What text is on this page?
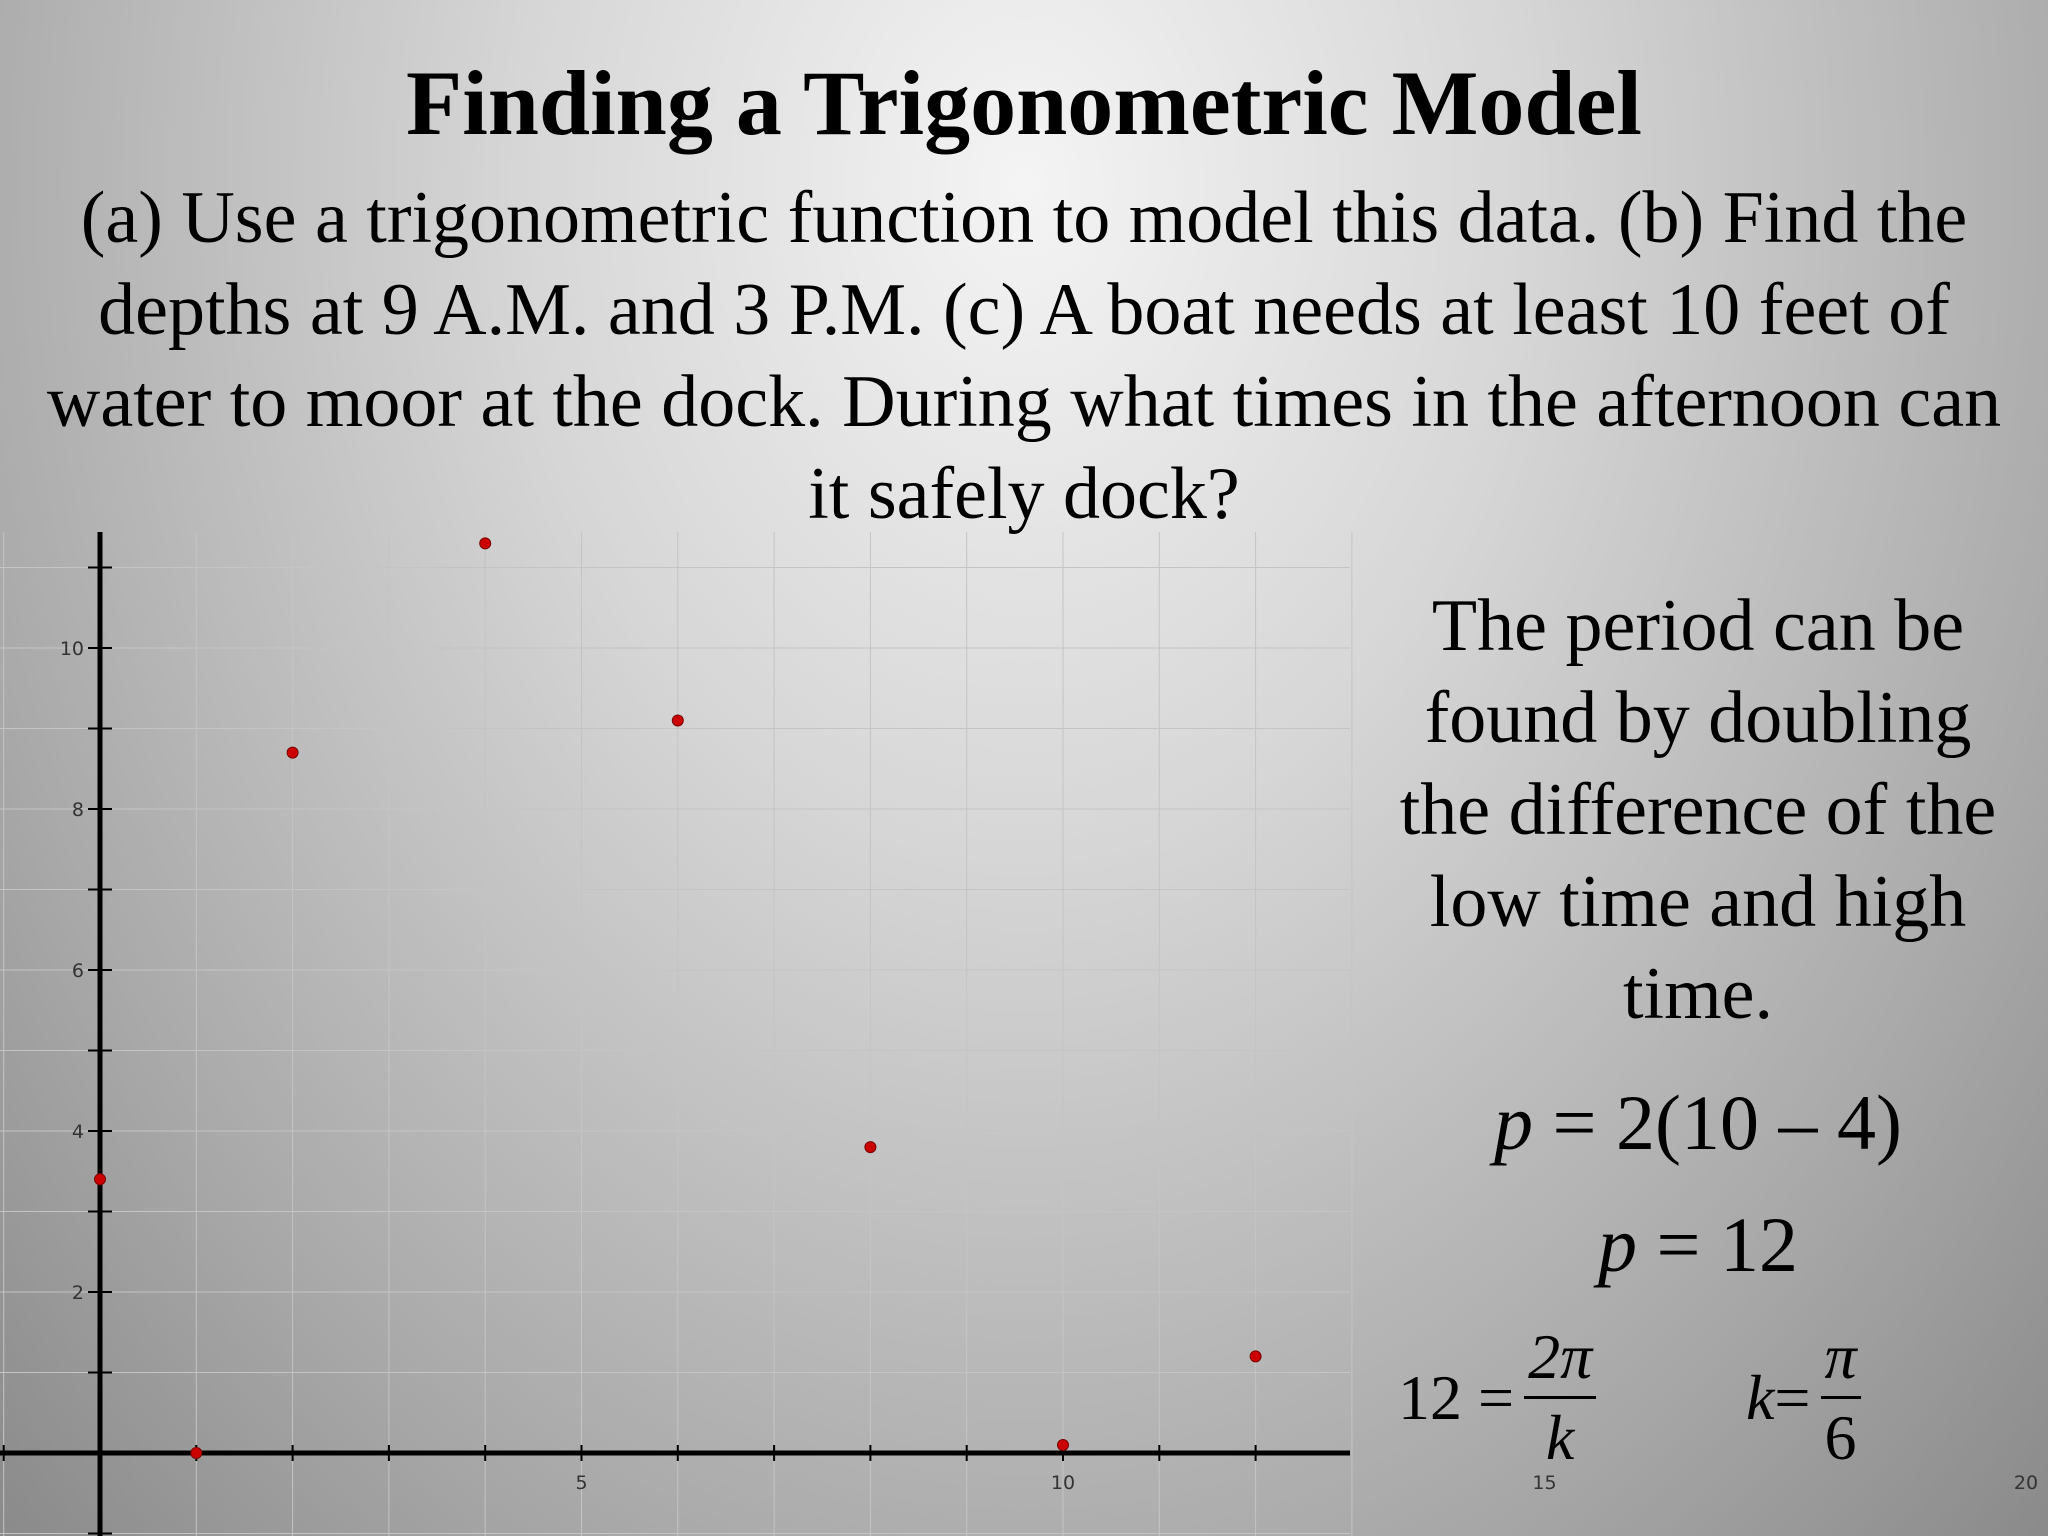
Finding a Trigonometric Model
(a) Use a trigonometric function to model this data. (b) Find the depths at 9 A.M. and 3 P.M. (c) A boat needs at least 10 feet of water to moor at the dock. During what times in the afternoon can it safely dock?
5	10	15	20
2
4
6
8
10	The period can be found by doubling the difference of the low time and high time.
p = 2(10 – 4)
p = 12
$12 = \frac{2\pi}{k}$ $k = \frac{\pi}{6}$
